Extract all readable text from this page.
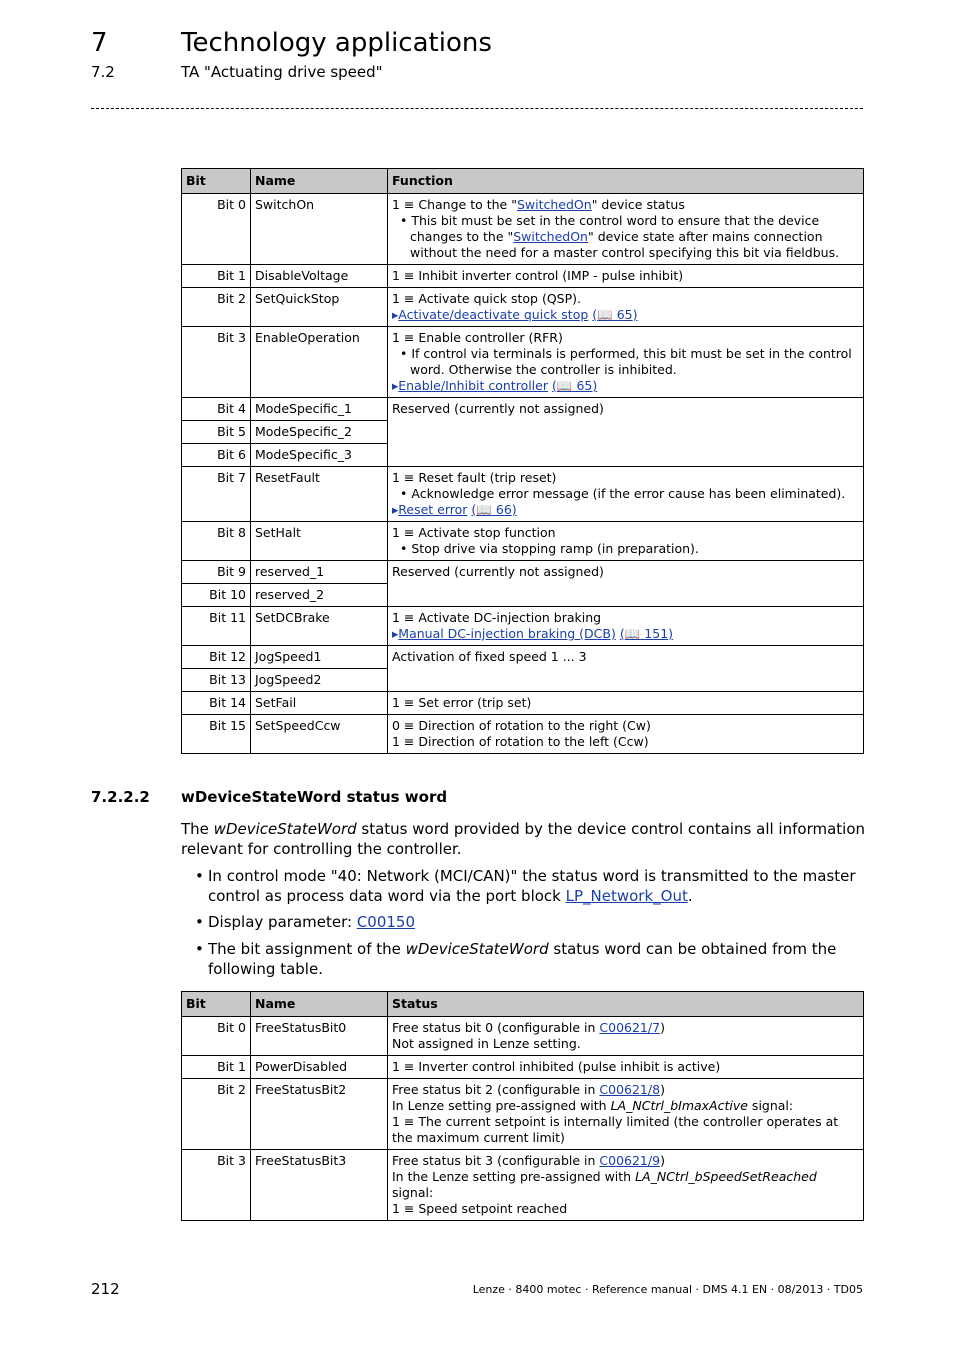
7	Technology applications
7.2	TA "Actuating drive speed"
Bit	Name	Function
Bit 0	SwitchOn	1 ≡ Change to the "SwitchedOn" device status
• This bit must be set in the control word to ensure that the device changes to the "SwitchedOn" device state after mains connection without the need for a master control specifying this bit via fieldbus.

Bit 1	DisableVoltage	1 ≡ Inhibit inverter control (IMP - pulse inhibit)
Bit 2	SetQuickStop	1 ≡ Activate quick stop (QSP).
▸ Activate/deactivate quick stop (📖 65)

Bit 3	EnableOperation	1 ≡ Enable controller (RFR)
• If control via terminals is performed, this bit must be set in the control word. Otherwise the controller is inhibited.
▸ Enable/Inhibit controller (📖 65)

Bit 4	ModeSpecific_1	Reserved (currently not assigned)
Bit 5	ModeSpecific_2	
Bit 6	ModeSpecific_3	
Bit 7	ResetFault	1 ≡ Reset fault (trip reset)
• Acknowledge error message (if the error cause has been eliminated).
▸ Reset error (📖 66)

Bit 8	SetHalt	1 ≡ Activate stop function
• Stop drive via stopping ramp (in preparation).

Bit 9	reserved_1	Reserved (currently not assigned)
Bit 10	reserved_2	
Bit 11	SetDCBrake	1 ≡ Activate DC-injection braking
▸ Manual DC-injection braking (DCB) (📖 151)

Bit 12	JogSpeed1	Activation of fixed speed 1 ... 3
Bit 13	JogSpeed2	
Bit 14	SetFail	1 ≡ Set error (trip set)
Bit 15	SetSpeedCcw	0 ≡ Direction of rotation to the right (Cw)
1 ≡ Direction of rotation to the left (Ccw)
7.2.2.2 wDeviceStateWord status word
The wDeviceStateWord status word provided by the device control contains all information relevant for controlling the controller.
• In control mode "40: Network (MCI/CAN)" the status word is transmitted to the master control as process data word via the port block LP_Network_Out.
• Display parameter: C00150
• The bit assignment of the wDeviceStateWord status word can be obtained from the following table.
Bit	Name	Status
Bit 0	FreeStatusBit0	Free status bit 0 (configurable in C00621/7)
Not assigned in Lenze setting.

Bit 1	PowerDisabled	1 ≡ Inverter control inhibited (pulse inhibit is active)
Bit 2	FreeStatusBit2	Free status bit 2 (configurable in C00621/8)
In Lenze setting pre-assigned with LA_NCtrl_bImaxActive signal:
1 ≡ The current setpoint is internally limited (the controller operates at the maximum current limit)

Bit 3	FreeStatusBit3	Free status bit 3 (configurable in C00621/9)
In the Lenze setting pre-assigned with LA_NCtrl_bSpeedSetReached signal:
1 ≡ Speed setpoint reached
212	Lenze · 8400 motec · Reference manual · DMS 4.1 EN · 08/2013 · TD05
